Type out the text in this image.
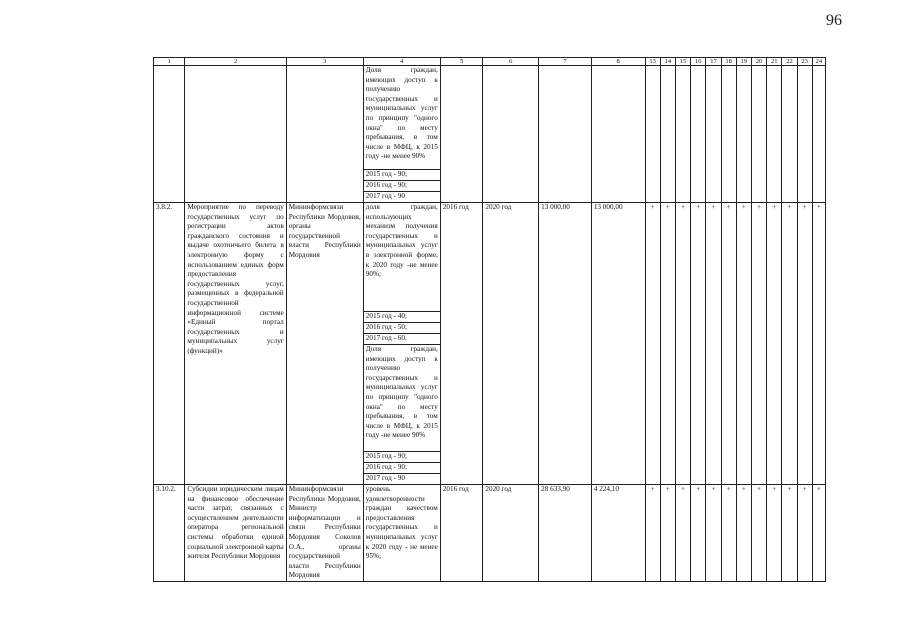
96
1	2	3	4	5	6	7	8	13	14	15	16	17	18	19	20	21	22	23	24
			Доля граждан, имеющих доступ к получению государственных и муниципальных услуг по принципу "одного окна" по месту пребывания, в том числе в МФЦ, к 2015 году -не менее 90%																
			2015 год - 90;																
			2016 год - 90;																
			2017 год - 90																
3.8.2.	Мероприятие по переводу государственных услуг по регистрации актов гражданского состояния и выдаче охотничьего билета в электронную форму с использованием единых форм предоставления государственных услуг, размещенных в федеральной государственной информационной системе «Единый портал государственных и муниципальных услуг (функций)»	Мининформсвязи Республики Мордовия, органы государственной власти Республики Мордовия	доля граждан, использующих механизм получения государственных и муниципальных услуг в электронной форме, к 2020 году -не менее 90%;	2016 год	2020 год	13 000,00	13 000,00	+	+	+	+	+	+	+	+	+	+	+	+
			2015 год - 40;																
			2016 год - 50;																
			2017 год - 60.																
			Доля граждан, имеющих доступ к получению государственных и муниципальных услуг по принципу "одного окна" по месту пребывания, в том числе в МФЦ, к 2015 году -не менее 90%																
			2015 год - 90;																
			2016 год - 90;																
			2017 год - 90																
3.10.2.	Субсидии юридическим лицам на финансовое обеспечение части затрат, связанных с осуществлением деятельности оператора региональной системы обработки единой социальной электронной карты жителя Республики Мордовия	Мининформсвязи Республики Мордовия, Министр информатизации и связи Республики Мордовия Соколов О.А., органы государственной власти Республики Мордовия	уровень удовлетворенности граждан качеством предоставления государственных и муниципальных услуг к 2020 году - не менее 95%;	2016 год	2020 год	28 633,90	4 224,10	+	+	+	+	+	+	+	+	+	+	+	+
